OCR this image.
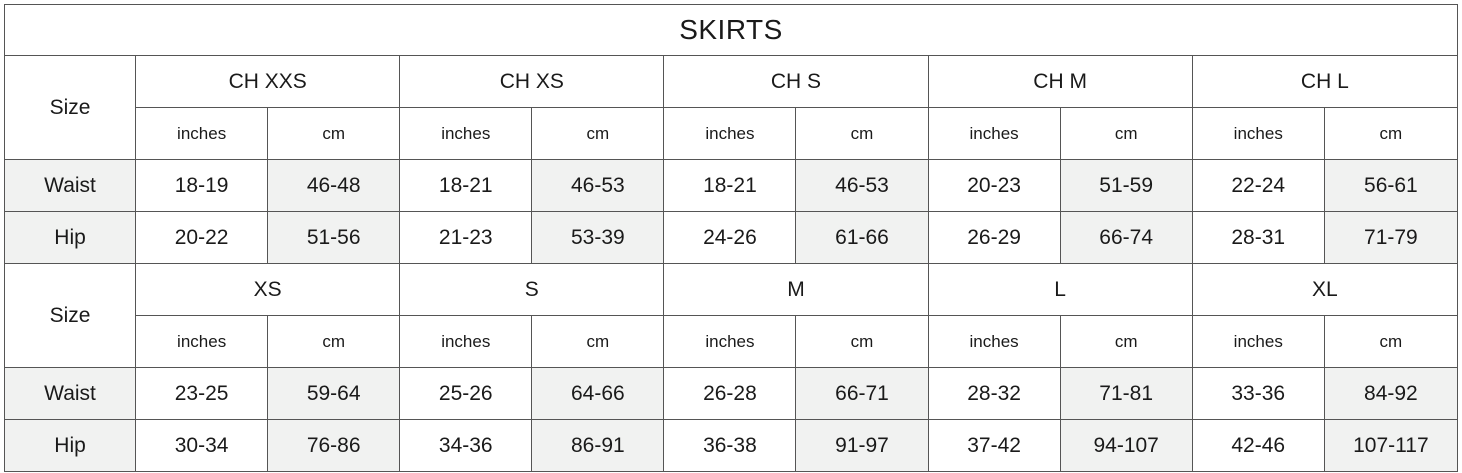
SKIRTS										
Size	CH XXS		CH XS		CH S		CH M		CH L	
	inches	cm	inches	cm	inches	cm	inches	cm	inches	cm
Waist	18-19	46-48	18-21	46-53	18-21	46-53	20-23	51-59	22-24	56-61
Hip	20-22	51-56	21-23	53-39	24-26	61-66	26-29	66-74	28-31	71-79
Size	XS		S		M		L		XL	
	inches	cm	inches	cm	inches	cm	inches	cm	inches	cm
Waist	23-25	59-64	25-26	64-66	26-28	66-71	28-32	71-81	33-36	84-92
Hip	30-34	76-86	34-36	86-91	36-38	91-97	37-42	94-107	42-46	107-117
